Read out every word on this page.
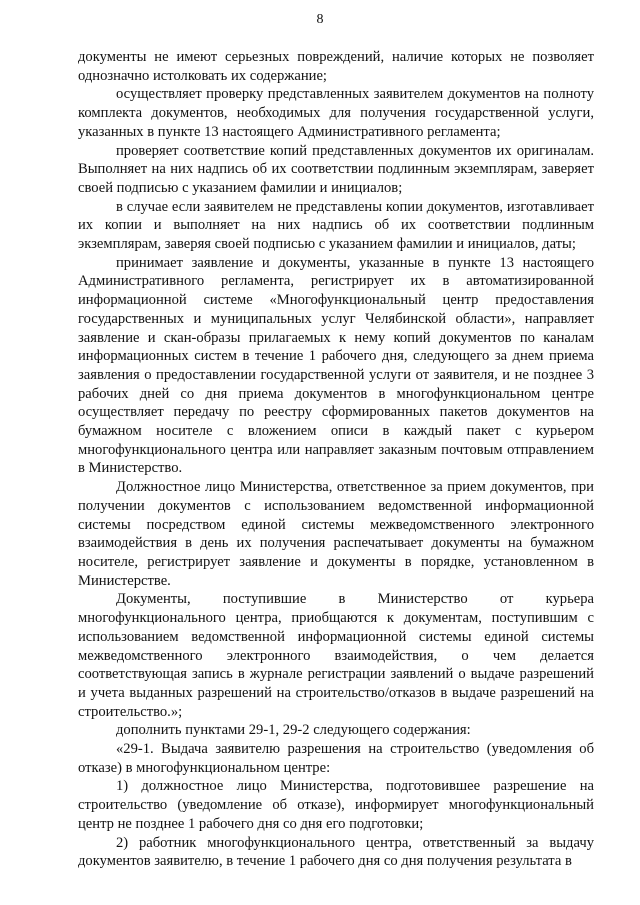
8

документы не имеют серьезных повреждений, наличие которых не позволяет однозначно истолковать их содержание;

осуществляет проверку представленных заявителем документов на полноту комплекта документов, необходимых для получения государственной услуги, указанных в пункте 13 настоящего Административного регламента;

проверяет соответствие копий представленных документов их оригиналам. Выполняет на них надпись об их соответствии подлинным экземплярам, заверяет своей подписью с указанием фамилии и инициалов;

в случае если заявителем не представлены копии документов, изготавливает их копии и выполняет на них надпись об их соответствии подлинным экземплярам, заверяя своей подписью с указанием фамилии и инициалов, даты;

принимает заявление и документы, указанные в пункте 13 настоящего Административного регламента, регистрирует их в автоматизированной информационной системе «Многофункциональный центр предоставления государственных и муниципальных услуг Челябинской области», направляет заявление и скан-образы прилагаемых к нему копий документов по каналам информационных систем в течение 1 рабочего дня, следующего за днем приема заявления о предоставлении государственной услуги от заявителя, и не позднее 3 рабочих дней со дня приема документов в многофункциональном центре осуществляет передачу по реестру сформированных пакетов документов на бумажном носителе с вложением описи в каждый пакет с курьером многофункционального центра или направляет заказным почтовым отправлением в Министерство.

Должностное лицо Министерства, ответственное за прием документов, при получении документов с использованием ведомственной информационной системы посредством единой системы межведомственного электронного взаимодействия в день их получения распечатывает документы на бумажном носителе, регистрирует заявление и документы в порядке, установленном в Министерстве.

Документы, поступившие в Министерство от курьера многофункционального центра, приобщаются к документам, поступившим с использованием ведомственной информационной системы единой системы межведомственного электронного взаимодействия, о чем делается соответствующая запись в журнале регистрации заявлений о выдаче разрешений и учета выданных разрешений на строительство/отказов в выдаче разрешений на строительство.»;

дополнить пунктами 29-1, 29-2 следующего содержания:

«29-1. Выдача заявителю разрешения на строительство (уведомления об отказе) в многофункциональном центре:

1) должностное лицо Министерства, подготовившее разрешение на строительство (уведомление об отказе), информирует многофункциональный центр не позднее 1 рабочего дня со дня его подготовки;

2) работник многофункционального центра, ответственный за выдачу документов заявителю, в течение 1 рабочего дня со дня получения результата в
